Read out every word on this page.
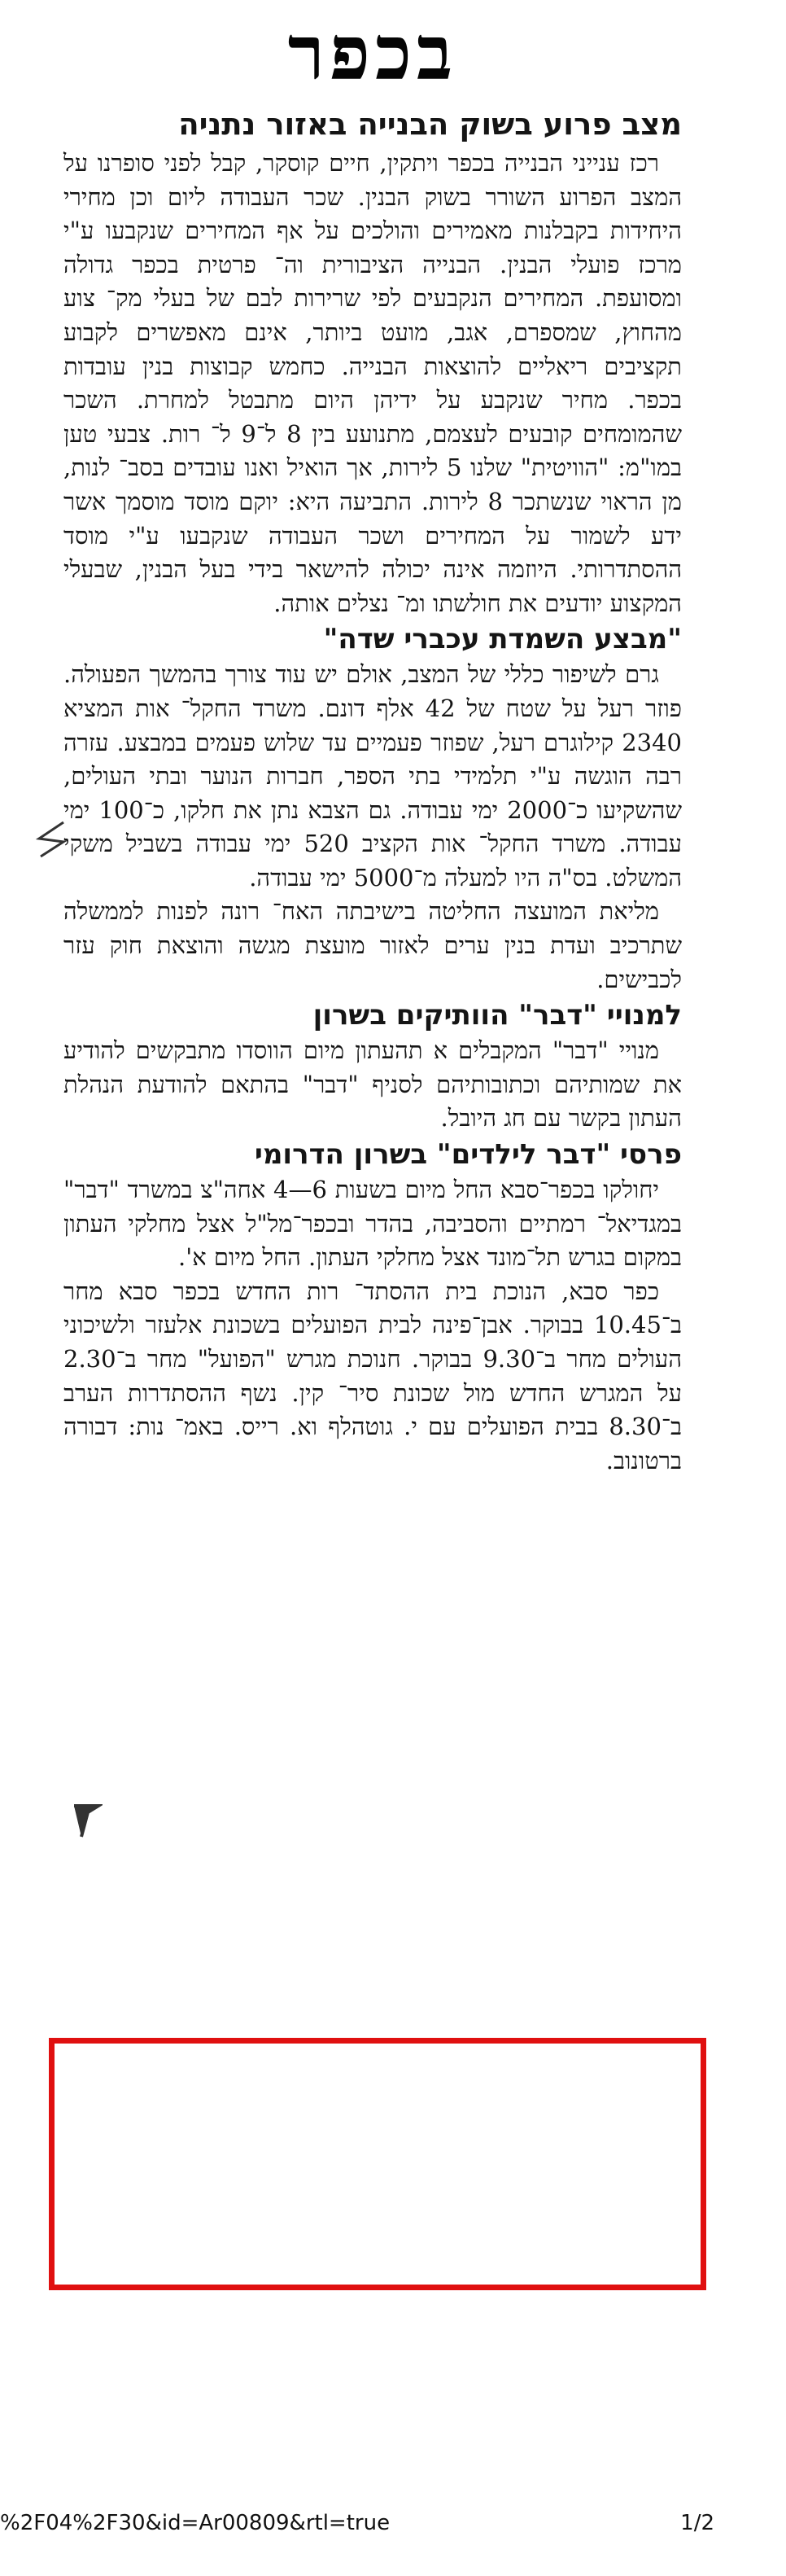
בכפר

מצב פרוע בשוק הבנייה באזור נתניה

רכז ענייני הבנייה בכפר ויתקין, חיים קוסקר, קבל לפני סופרנו על המצב הפרוע השורר בשוק הבנין. שכר העבודה ליום וכן מחירי היחידות בקבלנות מאמירים והולכים על אף המחירים שנקבעו ע"י מרכז פועלי הבנין. הבנייה הציבורית וה־ פרטית בכפר גדולה ומסועפת. המחירים הנקבעים לפי שרירות לבם של בעלי מק־ צוע מהחוץ, שמספרם, אגב, מועט ביותר, אינם מאפשרים לקבוע תקציבים ריאליים להוצאות הבנייה. כחמש קבוצות בנין עובדות בכפר. מחיר שנקבע על ידיהן היום מתבטל למחרת. השכר שהמומחים קובעים לעצמם, מתנועע בין 8 ל־9 ל־ רות. צבעי טען במו"מ: "הוויטית" שלנו 5 לירות, אך הואיל ואנו עובדים בסב־ לנות, מן הראוי שנשתכר 8 לירות. התביעה היא: יוקם מוסד מוסמך אשר ידע לשמור על המחירים ושכר העבודה שנקבעו ע"י מוסד ההסתדרותי. היוזמה אינה יכולה להישאר בידי בעל הבנין, שבעלי המקצוע יודעים את חולשתו ומ־ נצלים אותה.

"מבצע השמדת עכברי שדה"

גרם לשיפור כללי של המצב, אולם יש עוד צורך בהמשך הפעולה. פוזר רעל על שטח של 42 אלף דונם. משרד החקל־ אות המציא 2340 קילוגרם רעל, שפוזר פעמיים עד שלוש פעמים במבצע. עזרה רבה הוגשה ע"י תלמידי בתי הספר, חברות הנוער ובתי העולים, שהשקיעו כ־2000 ימי עבודה. גם הצבא נתן את חלקו, כ־100 ימי עבודה. משרד החקל־ אות הקציב 520 ימי עבודה בשביל משקי המשלט. בס"ה היו למעלה מ־5000 ימי עבודה.

מליאת המועצה החליטה בישיבתה האח־ רונה לפנות לממשלה שתרכיב ועדת בנין ערים לאזור מועצת מגשה והוצאת חוק עזר לכבישים.

למנויי "דבר" הוותיקים בשרון

מנויי "דבר" המקבלים א תהעתון מיום הווסדו מתבקשים להודיע את שמותיהם וכתובותיהם לסניף "דבר" בהתאם להודעת הנהלת העתון בקשר עם חג היובל.

פרסי "דבר לילדים" בשרון הדרומי

יחולקו בכפר־סבא החל מיום בשעות 6—4 אחה"צ במשרד "דבר" במגדיאל־ רמתיים והסביבה, בהדר ובכפר־מל"ל אצל מחלקי העתון במקום בגרש תל־מונד אצל מחלקי העתון. החל מיום א'.

כפר סבא, הנוכת בית ההסתד־ רות החדש בכפר סבא מחר ב־10.45 בבוקר. אבן־פינה לבית הפועלים בשכונת אלעזר ולשיכוני העולים מחר ב־9.30 בבוקר. חנוכת מגרש "הפועל" מחר ב־2.30 על המגרש החדש מול שכונת סיר־ קין. נשף ההסתדרות הערב ב־8.30 בבית הפועלים עם י. גוטהלף וא. רייס. באמ־ נות: דבורה ברטונוב.

%2F04%2F30&id=Ar00809&rtl=true	1/2
